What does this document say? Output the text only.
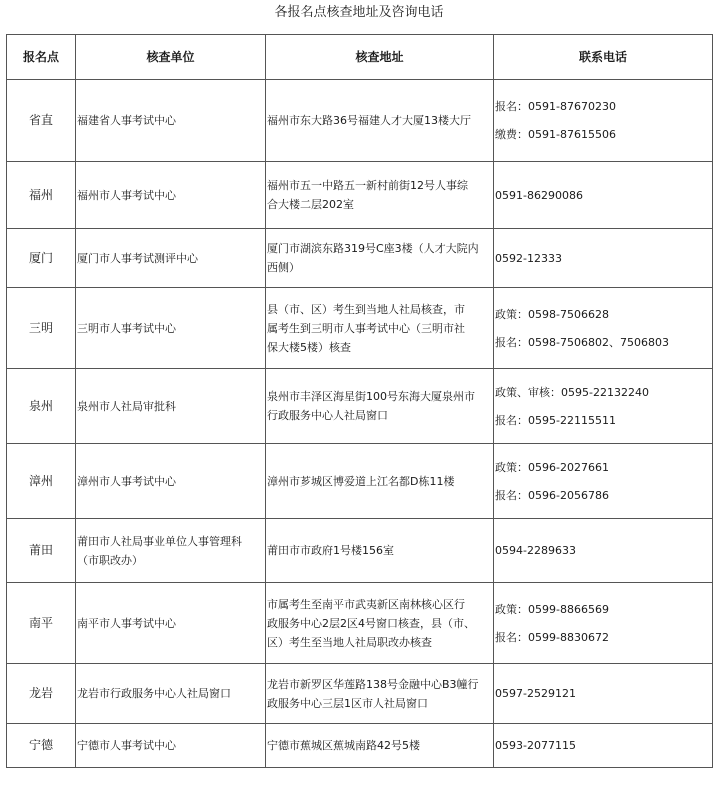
各报名点核查地址及咨询电话
报名点	核查单位	核查地址	联系电话
省直	福建省人事考试中心	福州市东大路36号福建人才大厦13楼大厅	报名：0591-87670230
缴费：0591-87615506

福州	福州市人事考试中心	福州市五一中路五一新村前街12号人事综
合大楼二层202室	0591-86290086

厦门	厦门市人事考试测评中心	厦门市湖滨东路319号C座3楼（人才大院内
西侧）	0592-12333

三明	三明市人事考试中心	县（市、区）考生到当地人社局核查，市
属考生到三明市人事考试中心（三明市社
保大楼5楼）核查	政策：0598-7506628
报名：0598-7506802、7506803

泉州	泉州市人社局审批科	泉州市丰泽区海星街100号东海大厦泉州市
行政服务中心人社局窗口	政策、审核：0595-22132240
报名：0595-22115511

漳州	漳州市人事考试中心	漳州市芗城区博爱道上江名都D栋11楼	政策：0596-2027661
报名：0596-2056786

莆田	莆田市人社局事业单位人事管理科
（市职改办）	莆田市市政府1号楼156室	0594-2289633

南平	南平市人事考试中心	市属考生至南平市武夷新区南林核心区行
政服务中心2层2区4号窗口核查，县（市、
区）考生至当地人社局职改办核查	政策：0599-8866569
报名：0599-8830672

龙岩	龙岩市行政服务中心人社局窗口	龙岩市新罗区华莲路138号金融中心B3幢行
政服务中心三层1区市人社局窗口	0597-2529121

宁德	宁德市人事考试中心	宁德市蕉城区蕉城南路42号5楼	0593-2077115
